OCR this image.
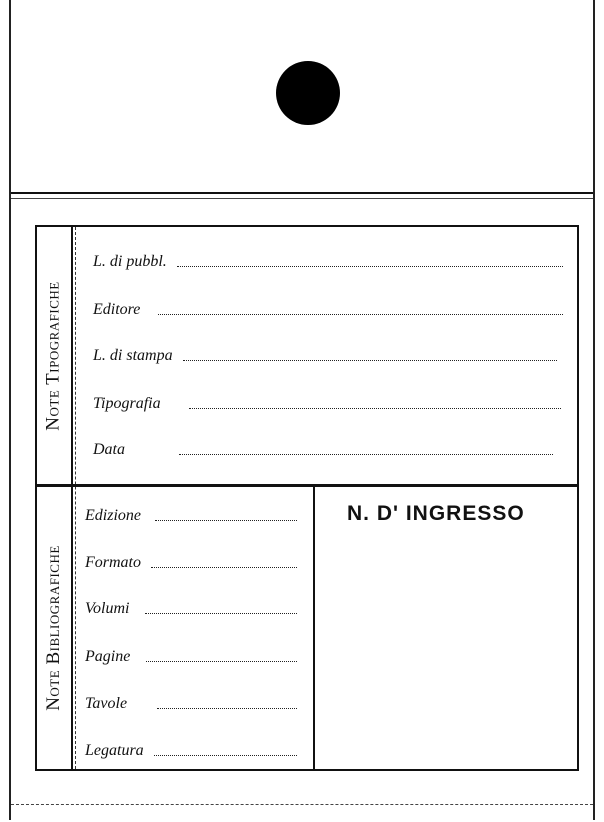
Note Tipografiche
Note Bibliografiche
L. di pubbl.
Editore
L. di stampa
Tipografia
Data
Edizione
Formato
Volumi
Pagine
Tavole
Legatura
N. D' INGRESSO
